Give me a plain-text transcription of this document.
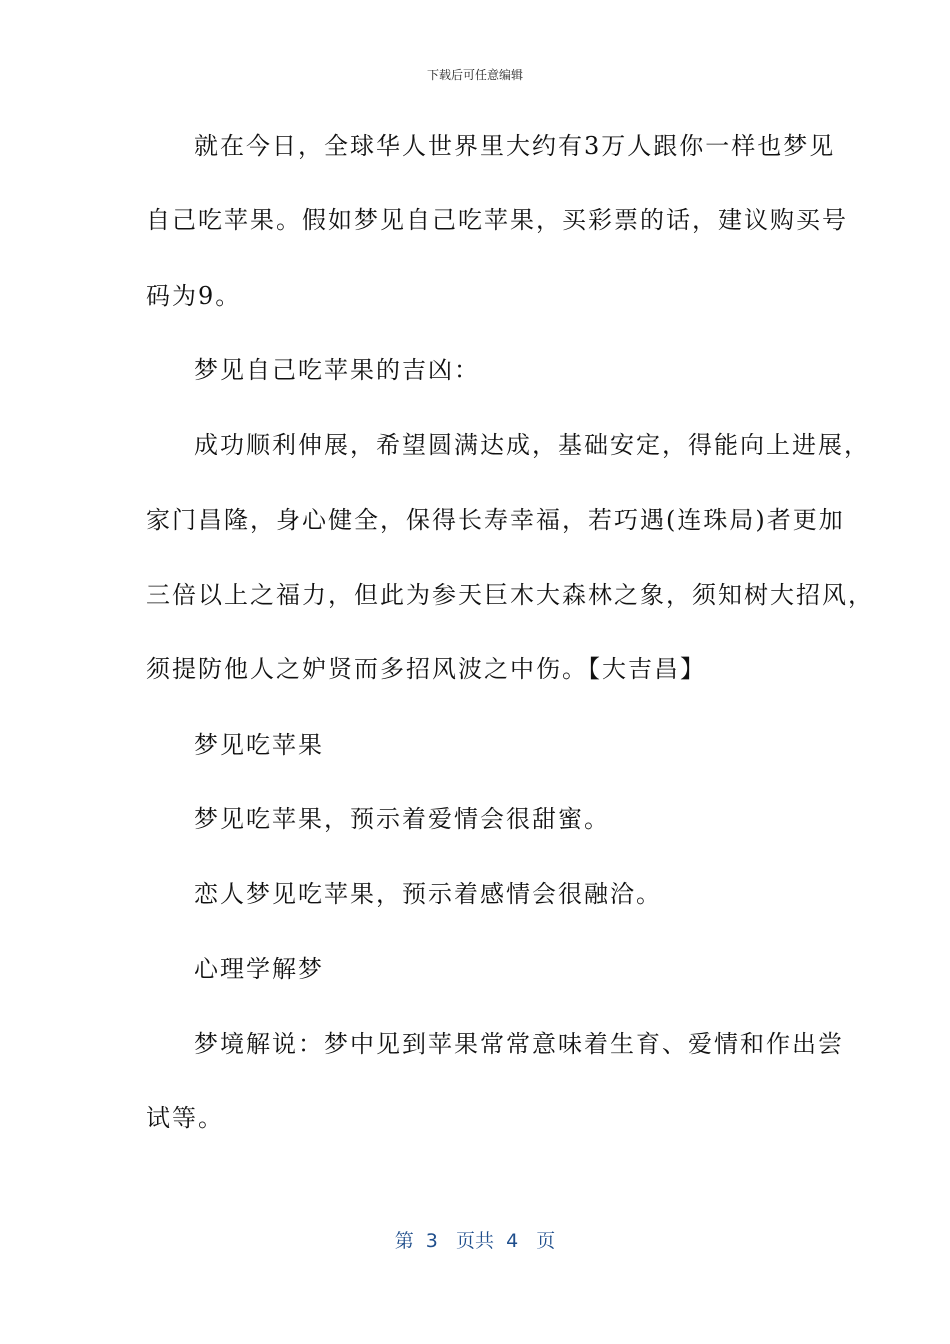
下载后可任意编辑
就在今日，全球华人世界里大约有3万人跟你一样也梦见
自己吃苹果。假如梦见自己吃苹果，买彩票的话，建议购买号
码为9。
梦见自己吃苹果的吉凶：
成功顺利伸展，希望圆满达成，基础安定，得能向上进展，
家门昌隆，身心健全，保得长寿幸福，若巧遇(连珠局)者更加
三倍以上之福力，但此为参天巨木大森林之象，须知树大招风，
须提防他人之妒贤而多招风波之中伤。【大吉昌】
梦见吃苹果
梦见吃苹果，预示着爱情会很甜蜜。
恋人梦见吃苹果，预示着感情会很融洽。
心理学解梦
梦境解说：梦中见到苹果常常意味着生育、爱情和作出尝
试等。
第  3   页共  4   页
